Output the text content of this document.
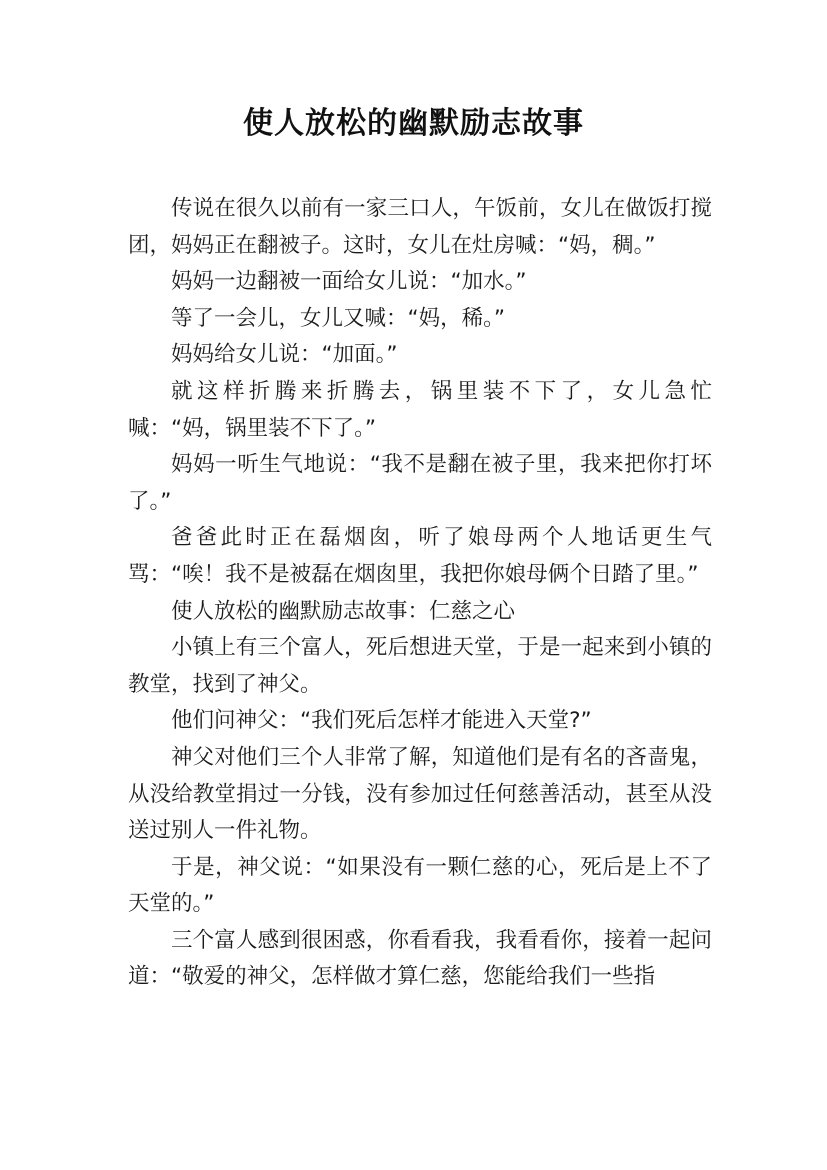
使人放松的幽默励志故事

传说在很久以前有一家三口人，午饭前，女儿在做饭打搅团，妈妈正在翻被子。这时，女儿在灶房喊：“妈，稠。”

妈妈一边翻被一面给女儿说：“加水。”

等了一会儿，女儿又喊：“妈，稀。”

妈妈给女儿说：“加面。”

就这样折腾来折腾去，锅里装不下了，女儿急忙喊：“妈，锅里装不下了。”

妈妈一听生气地说：“我不是翻在被子里，我来把你打坏了。”

爸爸此时正在磊烟囱，听了娘母两个人地话更生气骂：“唉！我不是被磊在烟囱里，我把你娘母俩个日踏了里。”

使人放松的幽默励志故事：仁慈之心

小镇上有三个富人，死后想进天堂，于是一起来到小镇的教堂，找到了神父。

他们问神父：“我们死后怎样才能进入天堂?”

神父对他们三个人非常了解，知道他们是有名的吝啬鬼，从没给教堂捐过一分钱，没有参加过任何慈善活动，甚至从没送过别人一件礼物。

于是，神父说：“如果没有一颗仁慈的心，死后是上不了天堂的。”

三个富人感到很困惑，你看看我，我看看你，接着一起问道：“敬爱的神父，怎样做才算仁慈，您能给我们一些指
